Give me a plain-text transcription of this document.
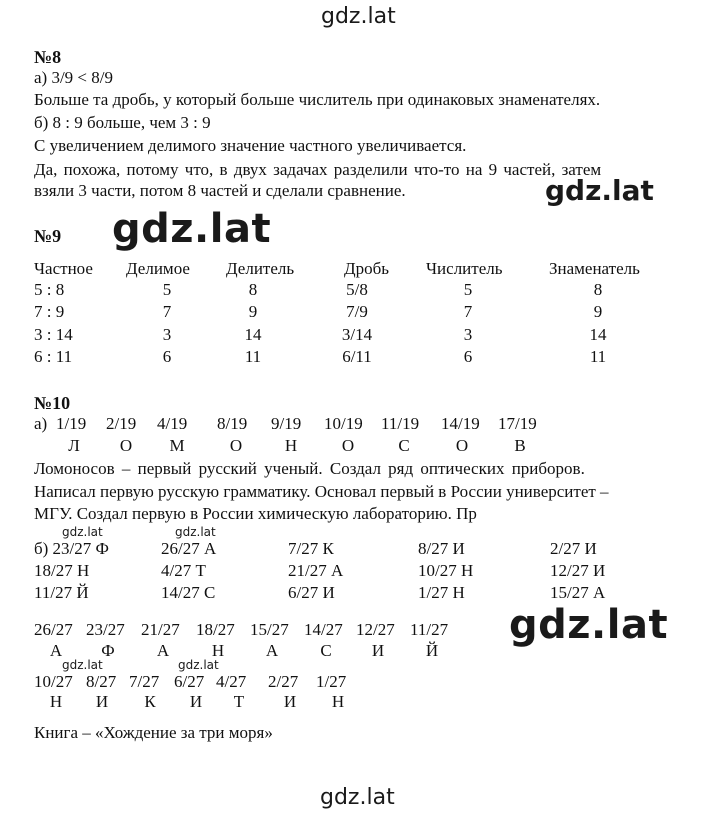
gdz.lat
gdz.lat
gdz.lat
gdz.lat
gdz.lat
gdz.lat	gdz.lat
gdz.lat	gdz.lat
№8
а) 3/9 < 8/9
Больше та дробь, у который больше числитель при одинаковых знаменателях.
б) 8 : 9 больше, чем 3 : 9
С увеличением делимого значение частного увеличивается.
Да, похожа, потому что, в двух задачах разделили что-то на 9 частей, затем
взяли 3 части, потом 8 частей и сделали сравнение.
№9
Частное Делимое Делитель	Дробь Числитель	Знаменатель
5 : 8	5	8	5/8	5	8
7 : 9	7	9	7/9	7	9
3 : 14	3	14	3/14	3	14
6 : 11	6	11	6/11	6	11
№10
а) 1/19 2/19 4/19 8/19 9/19 10/19 11/19 14/19 17/19
Л О М	О	Н	О	С	О	В
Ломоносов – первый русский ученый. Создал ряд оптических приборов.
Написал первую русскую грамматику. Основал первый в России университет –
МГУ. Создал первую в России химическую лабораторию. Пр
б) 23/27 Ф	26/27 А	7/27 К	8/27 И	2/27 И
18/27 Н	4/27 Т	21/27 А	10/27 Н	12/27 И
11/27 Й	14/27 С	6/27 И	1/27 Н	15/27 А
26/27 23/27 21/27 18/27 15/27 14/27 12/27 11/27
А Ф А	Н А С И Й
10/27 8/27 7/27 6/27 4/27 2/27 1/27
Н И К И Т И Н
Книга – «Хождение за три моря»
